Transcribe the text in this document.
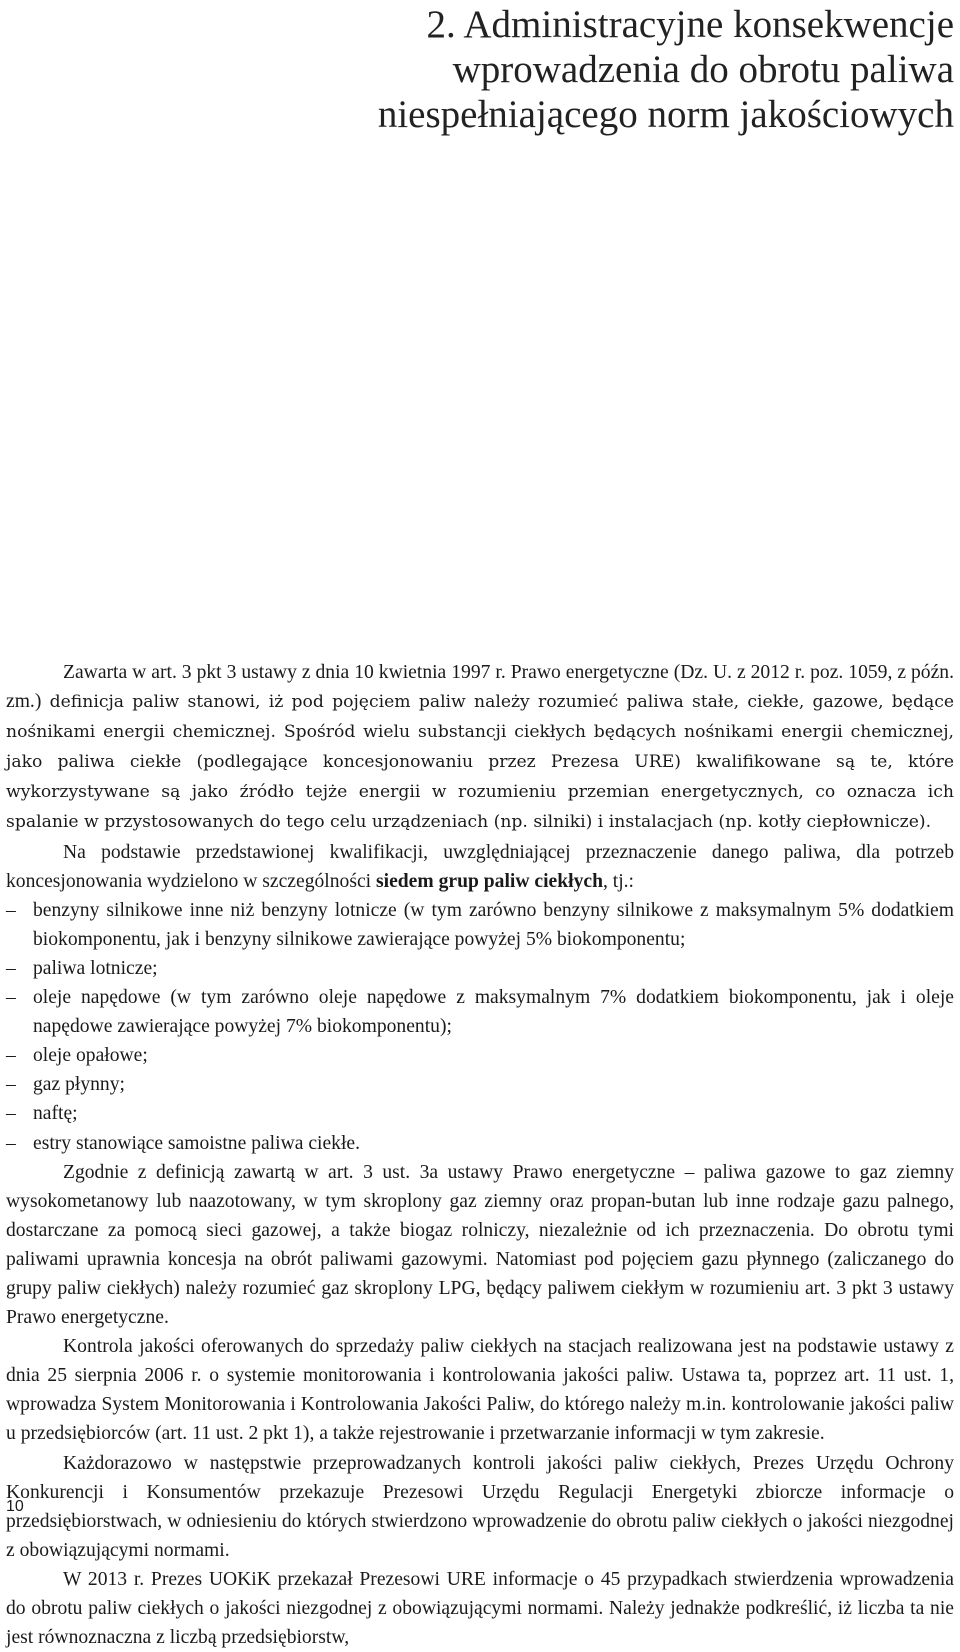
2. Administracyjne konsekwencje
wprowadzenia do obrotu paliwa
niespełniającego norm jakościowych

Zawarta w art. 3 pkt 3 ustawy z dnia 10 kwietnia 1997 r. Prawo energetyczne (Dz. U. z 2012 r. poz. 1059, z późn. zm.) definicja paliw stanowi, iż pod pojęciem paliw należy rozumieć paliwa stałe, ciekłe, gazowe, będące nośnikami energii chemicznej. Spośród wielu substancji ciekłych będących nośnikami energii chemicznej, jako paliwa ciekłe (podlegające koncesjonowaniu przez Prezesa URE) kwalifikowane są te, które wykorzystywane są jako źródło tejże energii w rozumieniu przemian energetycznych, co oznacza ich spalanie w przystosowanych do tego celu urządzeniach (np. silniki) i instalacjach (np. kotły ciepłownicze).

Na podstawie przedstawionej kwalifikacji, uwzględniającej przeznaczenie danego paliwa, dla potrzeb koncesjonowania wydzielono w szczególności siedem grup paliw ciekłych, tj.:

– benzyny silnikowe inne niż benzyny lotnicze (w tym zarówno benzyny silnikowe z maksymalnym 5% dodatkiem biokomponentu, jak i benzyny silnikowe zawierające powyżej 5% biokomponentu;
– paliwa lotnicze;
– oleje napędowe (w tym zarówno oleje napędowe z maksymalnym 7% dodatkiem biokomponentu, jak i oleje napędowe zawierające powyżej 7% biokomponentu);
– oleje opałowe;
– gaz płynny;
– naftę;
– estry stanowiące samoistne paliwa ciekłe.

Zgodnie z definicją zawartą w art. 3 ust. 3a ustawy Prawo energetyczne – paliwa gazowe to gaz ziemny wysokometanowy lub naazotowany, w tym skroplony gaz ziemny oraz propan-butan lub inne rodzaje gazu palnego, dostarczane za pomocą sieci gazowej, a także biogaz rolniczy, niezależnie od ich przeznaczenia. Do obrotu tymi paliwami uprawnia koncesja na obrót paliwami gazowymi. Natomiast pod pojęciem gazu płynnego (zaliczanego do grupy paliw ciekłych) należy rozumieć gaz skroplony LPG, będący paliwem ciekłym w rozumieniu art. 3 pkt 3 ustawy Prawo energetyczne.

Kontrola jakości oferowanych do sprzedaży paliw ciekłych na stacjach realizowana jest na podstawie ustawy z dnia 25 sierpnia 2006 r. o systemie monitorowania i kontrolowania jakości paliw. Ustawa ta, poprzez art. 11 ust. 1, wprowadza System Monitorowania i Kontrolowania Jakości Paliw, do którego należy m.in. kontrolowanie jakości paliw u przedsiębiorców (art. 11 ust. 2 pkt 1), a także rejestrowanie i przetwarzanie informacji w tym zakresie.

Każdorazowo w następstwie przeprowadzanych kontroli jakości paliw ciekłych, Prezes Urzędu Ochrony Konkurencji i Konsumentów przekazuje Prezesowi Urzędu Regulacji Energetyki zbiorcze informacje o przedsiębiorstwach, w odniesieniu do których stwierdzono wprowadzenie do obrotu paliw ciekłych o jakości niezgodnej z obowiązującymi normami.

W 2013 r. Prezes UOKiK przekazał Prezesowi URE informacje o 45 przypadkach stwierdzenia wprowadzenia do obrotu paliw ciekłych o jakości niezgodnej z obowiązującymi normami. Należy jednakże podkreślić, iż liczba ta nie jest równoznaczna z liczbą przedsiębiorstw,

10
